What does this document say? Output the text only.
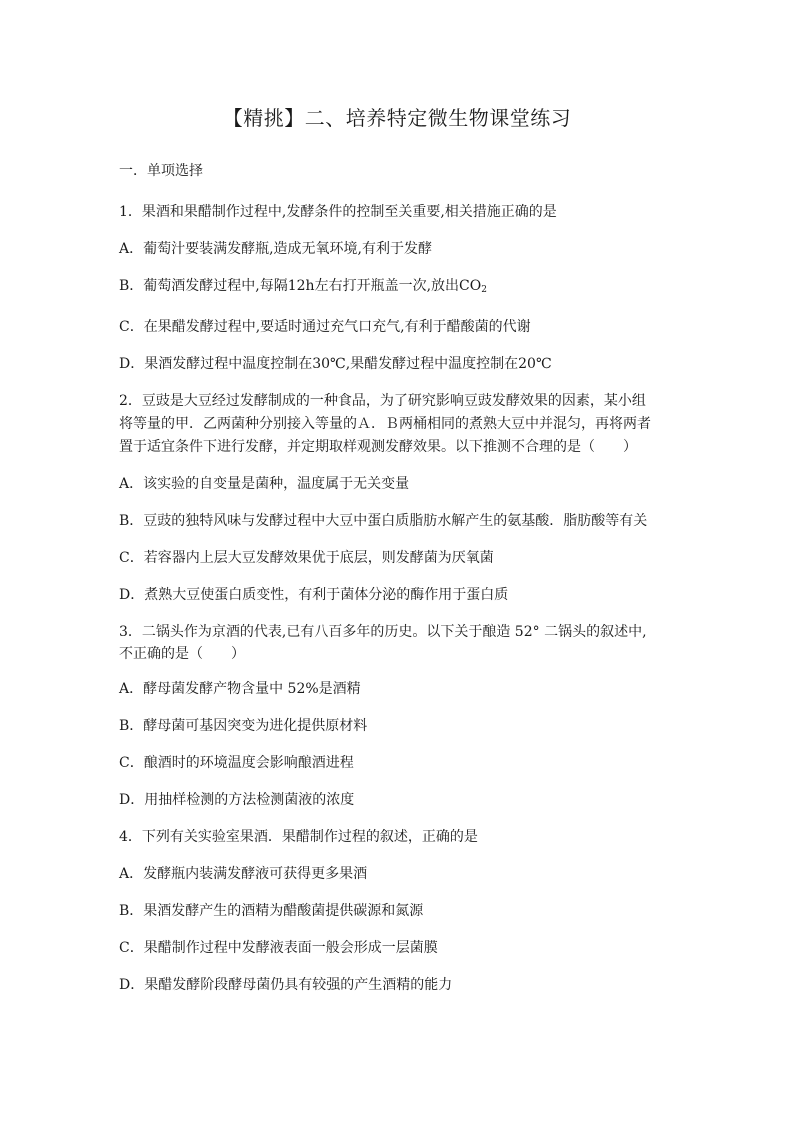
【精挑】二、培养特定微生物课堂练习
一．单项选择
1．果酒和果醋制作过程中,发酵条件的控制至关重要,相关措施正确的是
A．葡萄汁要装满发酵瓶,造成无氧环境,有利于发酵
B．葡萄酒发酵过程中,每隔12h左右打开瓶盖一次,放出$CO_2$
C．在果醋发酵过程中,要适时通过充气口充气,有利于醋酸菌的代谢
D．果酒发酵过程中温度控制在30℃,果醋发酵过程中温度控制在20℃
2．豆豉是大豆经过发酵制成的一种食品，为了研究影响豆豉发酵效果的因素，某小组
将等量的甲．乙两菌种分别接入等量的Ａ．Ｂ两桶相同的煮熟大豆中并混匀，再将两者
置于适宜条件下进行发酵，并定期取样观测发酵效果。以下推测不合理的是（　　）
A．该实验的自变量是菌种，温度属于无关变量
B．豆豉的独特风味与发酵过程中大豆中蛋白质脂肪水解产生的氨基酸．脂肪酸等有关
C．若容器内上层大豆发酵效果优于底层，则发酵菌为厌氧菌
D．煮熟大豆使蛋白质变性，有利于菌体分泌的酶作用于蛋白质
3．二锅头作为京酒的代表,已有八百多年的历史。以下关于酿造 52° 二锅头的叙述中,
不正确的是（　　）
A．酵母菌发酵产物含量中 52%是酒精
B．酵母菌可基因突变为进化提供原材料
C．酿酒时的环境温度会影响酿酒进程
D．用抽样检测的方法检测菌液的浓度
4．下列有关实验室果酒．果醋制作过程的叙述，正确的是
A．发酵瓶内装满发酵液可获得更多果酒
B．果酒发酵产生的酒精为醋酸菌提供碳源和氮源
C．果醋制作过程中发酵液表面一般会形成一层菌膜
D．果醋发酵阶段酵母菌仍具有较强的产生酒精的能力
